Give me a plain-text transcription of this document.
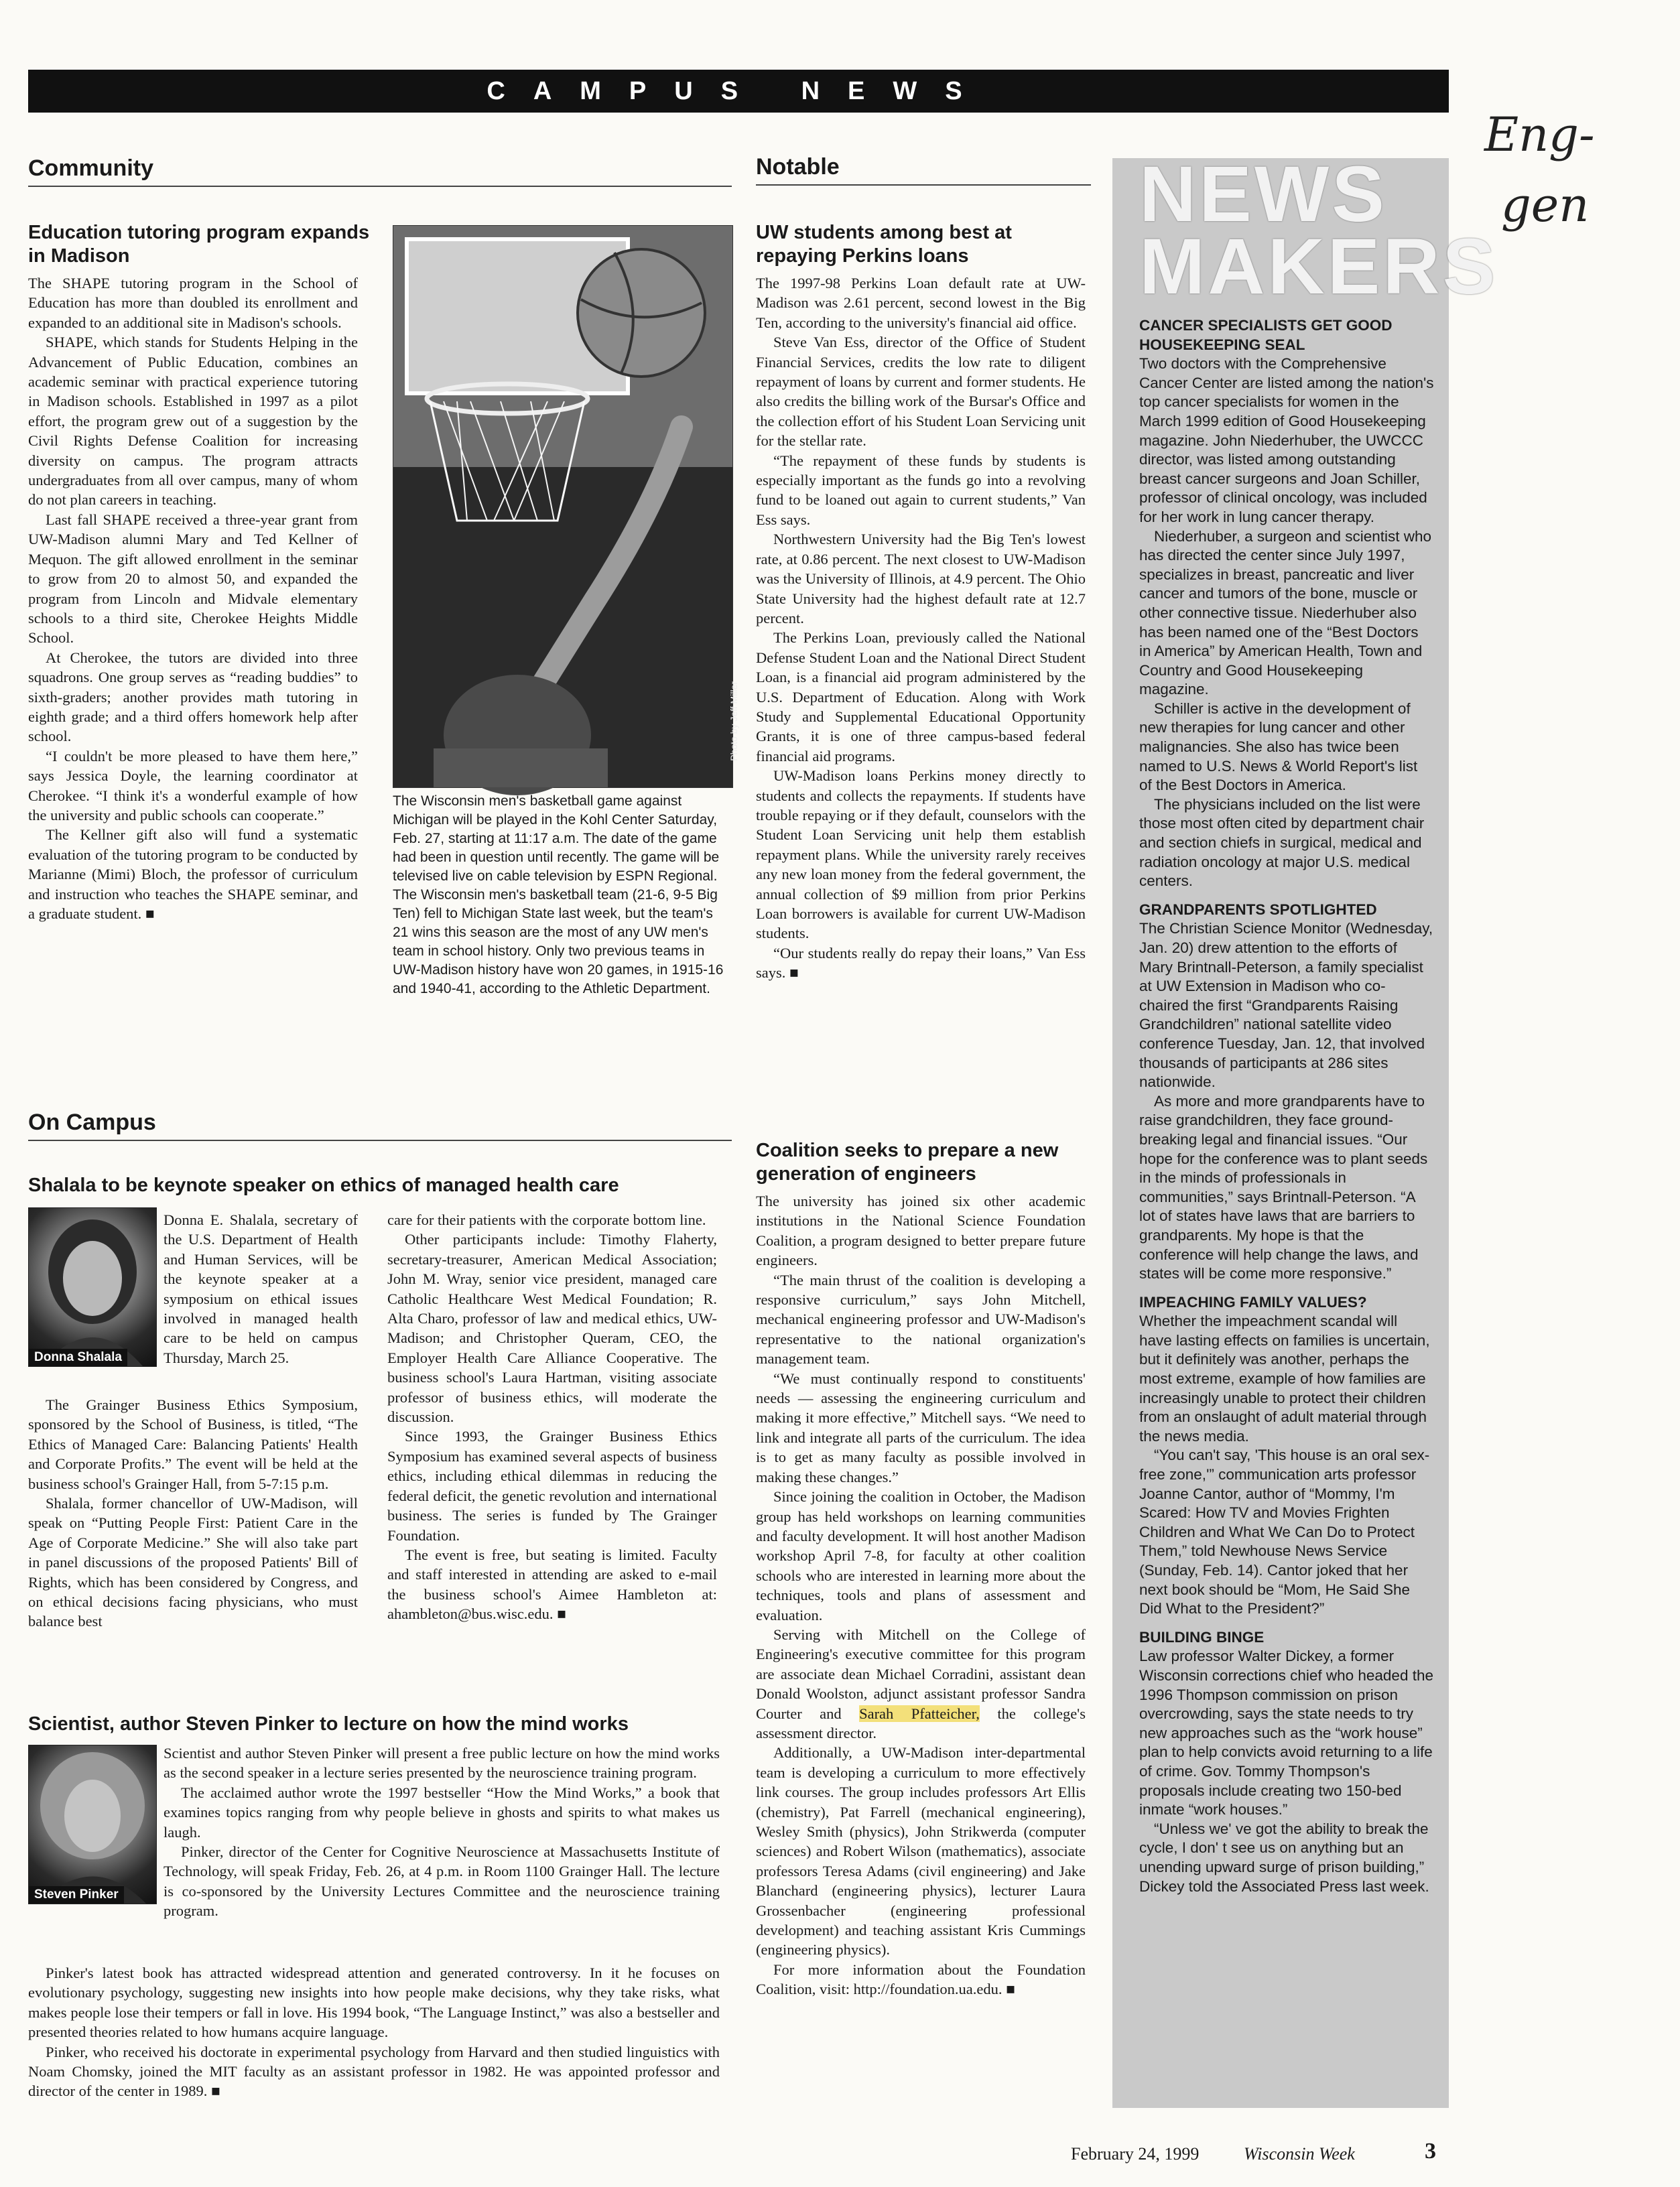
CAMPUS NEWS
Eng-
gen
Community
Education tutoring program expands in Madison

The SHAPE tutoring program in the School of Education has more than doubled its enrollment and expanded to an additional site in Madison's schools.

SHAPE, which stands for Students Helping in the Advancement of Public Education, combines an academic seminar with practical experience tutoring in Madison schools. Established in 1997 as a pilot effort, the program grew out of a suggestion by the Civil Rights Defense Coalition for increasing diversity on campus. The program attracts undergraduates from all over campus, many of whom do not plan careers in teaching.

Last fall SHAPE received a three-year grant from UW-Madison alumni Mary and Ted Kellner of Mequon. The gift allowed enrollment in the seminar to grow from 20 to almost 50, and expanded the program from Lincoln and Midvale elementary schools to a third site, Cherokee Heights Middle School.

At Cherokee, the tutors are divided into three squadrons. One group serves as “reading buddies” to sixth-graders; another provides math tutoring in eighth grade; and a third offers homework help after school.

“I couldn't be more pleased to have them here,” says Jessica Doyle, the learning coordinator at Cherokee. “I think it's a wonderful example of how the university and public schools can cooperate.”

The Kellner gift also will fund a systematic evaluation of the tutoring program to be conducted by Marianne (Mimi) Bloch, the professor of curriculum and instruction who teaches the SHAPE seminar, and a graduate student. ■

Photo by Jeff Miller
The Wisconsin men's basketball game against Michigan will be played in the Kohl Center Saturday, Feb. 27, starting at 11:17 a.m. The date of the game had been in question until recently. The game will be televised live on cable television by ESPN Regional. The Wisconsin men's basketball team (21-6, 9-5 Big Ten) fell to Michigan State last week, but the team's 21 wins this season are the most of any UW men's team in school history. Only two previous teams in UW-Madison history have won 20 games, in 1915-16 and 1940-41, according to the Athletic Department.
Notable
UW students among best at repaying Perkins loans

The 1997-98 Perkins Loan default rate at UW-Madison was 2.61 percent, second lowest in the Big Ten, according to the university's financial aid office.

Steve Van Ess, director of the Office of Student Financial Services, credits the low rate to diligent repayment of loans by current and former students. He also credits the billing work of the Bursar's Office and the collection effort of his Student Loan Servicing unit for the stellar rate.

“The repayment of these funds by students is especially important as the funds go into a revolving fund to be loaned out again to current students,” Van Ess says.

Northwestern University had the Big Ten's lowest rate, at 0.86 percent. The next closest to UW-Madison was the University of Illinois, at 4.9 percent. The Ohio State University had the highest default rate at 12.7 percent.

The Perkins Loan, previously called the National Defense Student Loan and the National Direct Student Loan, is a financial aid program administered by the U.S. Department of Education. Along with Work Study and Supplemental Educational Opportunity Grants, it is one of three campus-based federal financial aid programs.

UW-Madison loans Perkins money directly to students and collects the repayments. If students have trouble repaying or if they default, counselors with the Student Loan Servicing unit help them establish repayment plans. While the university rarely receives any new loan money from the federal government, the annual collection of $9 million from prior Perkins Loan borrowers is available for current UW-Madison students.

“Our students really do repay their loans,” Van Ess says. ■

Coalition seeks to prepare a new generation of engineers

The university has joined six other academic institutions in the National Science Foundation Coalition, a program designed to better prepare future engineers.

“The main thrust of the coalition is developing a responsive curriculum,” says John Mitchell, mechanical engineering professor and UW-Madison's representative to the national organization's management team.

“We must continually respond to constituents' needs — assessing the engineering curriculum and making it more effective,” Mitchell says. “We need to link and integrate all parts of the curriculum. The idea is to get as many faculty as possible involved in making these changes.”

Since joining the coalition in October, the Madison group has held workshops on learning communities and faculty development. It will host another Madison workshop April 7-8, for faculty at other coalition schools who are interested in learning more about the techniques, tools and plans of assessment and evaluation.

Serving with Mitchell on the College of Engineering's executive committee for this program are associate dean Michael Corradini, assistant dean Donald Woolston, adjunct assistant professor Sandra Courter and Sarah Pfatteicher, the college's assessment director.

Additionally, a UW-Madison inter-departmental team is developing a curriculum to more effectively link courses. The group includes professors Art Ellis (chemistry), Pat Farrell (mechanical engineering), Wesley Smith (physics), John Strikwerda (computer sciences) and Robert Wilson (mathematics), associate professors Teresa Adams (civil engineering) and Jake Blanchard (engineering physics), lecturer Laura Grossenbacher (engineering professional development) and teaching assistant Kris Cummings (engineering physics).

For more information about the Foundation Coalition, visit: http://foundation.ua.edu. ■

On Campus
Shalala to be keynote speaker on ethics of managed health care
Donna Shalala

Donna E. Shalala, secretary of the U.S. Department of Health and Human Services, will be the keynote speaker at a symposium on ethical issues involved in managed health care to be held on campus Thursday, March 25.

The Grainger Business Ethics Symposium, sponsored by the School of Business, is titled, “The Ethics of Managed Care: Balancing Patients' Health and Corporate Profits.” The event will be held at the business school's Grainger Hall, from 5-7:15 p.m.

Shalala, former chancellor of UW-Madison, will speak on “Putting People First: Patient Care in the Age of Corporate Medicine.” She will also take part in panel discussions of the proposed Patients' Bill of Rights, which has been considered by Congress, and on ethical decisions facing physicians, who must balance best

care for their patients with the corporate bottom line.

Other participants include: Timothy Flaherty, secretary-treasurer, American Medical Association; John M. Wray, senior vice president, managed care Catholic Healthcare West Medical Foundation; R. Alta Charo, professor of law and medical ethics, UW-Madison; and Christopher Queram, CEO, the Employer Health Care Alliance Cooperative. The business school's Laura Hartman, visiting associate professor of business ethics, will moderate the discussion.

Since 1993, the Grainger Business Ethics Symposium has examined several aspects of business ethics, including ethical dilemmas in reducing the federal deficit, the genetic revolution and international business. The series is funded by The Grainger Foundation.

The event is free, but seating is limited. Faculty and staff interested in attending are asked to e-mail the business school's Aimee Hambleton at: ahambleton@bus.wisc.edu. ■

Scientist, author Steven Pinker to lecture on how the mind works
Steven Pinker

Scientist and author Steven Pinker will present a free public lecture on how the mind works as the second speaker in a lecture series presented by the neuroscience training program.

The acclaimed author wrote the 1997 bestseller “How the Mind Works,” a book that examines topics ranging from why people believe in ghosts and spirits to what makes us laugh.

Pinker, director of the Center for Cognitive Neuroscience at Massachusetts Institute of Technology, will speak Friday, Feb. 26, at 4 p.m. in Room 1100 Grainger Hall. The lecture is co-sponsored by the University Lectures Committee and the neuroscience training program.

Pinker's latest book has attracted widespread attention and generated controversy. In it he focuses on evolutionary psychology, suggesting new insights into how people make decisions, why they take risks, what makes people lose their tempers or fall in love. His 1994 book, “The Language Instinct,” was also a bestseller and presented theories related to how humans acquire language.

Pinker, who received his doctorate in experimental psychology from Harvard and then studied linguistics with Noam Chomsky, joined the MIT faculty as an assistant professor in 1982. He was appointed professor and director of the center in 1989. ■

NEWS
MAKERS
CANCER SPECIALISTS GET GOOD HOUSEKEEPING SEAL

Two doctors with the Comprehensive Cancer Center are listed among the nation's top cancer specialists for women in the March 1999 edition of Good Housekeeping magazine. John Niederhuber, the UWCCC director, was listed among outstanding breast cancer surgeons and Joan Schiller, professor of clinical oncology, was included for her work in lung cancer therapy.

Niederhuber, a surgeon and scientist who has directed the center since July 1997, specializes in breast, pancreatic and liver cancer and tumors of the bone, muscle or other connective tissue. Niederhuber also has been named one of the “Best Doctors in America” by American Health, Town and Country and Good Housekeeping magazine.

Schiller is active in the development of new therapies for lung cancer and other malignancies. She also has twice been named to U.S. News & World Report's list of the Best Doctors in America.

The physicians included on the list were those most often cited by department chair and section chiefs in surgical, medical and radiation oncology at major U.S. medical centers.

GRANDPARENTS SPOTLIGHTED

The Christian Science Monitor (Wednesday, Jan. 20) drew attention to the efforts of Mary Brintnall-Peterson, a family specialist at UW Extension in Madison who co-chaired the first “Grandparents Raising Grandchildren” national satellite video conference Tuesday, Jan. 12, that involved thousands of participants at 286 sites nationwide.

As more and more grandparents have to raise grandchildren, they face ground-breaking legal and financial issues. “Our hope for the conference was to plant seeds in the minds of professionals in communities,” says Brintnall-Peterson. “A lot of states have laws that are barriers to grandparents. My hope is that the conference will help change the laws, and states will be come more responsive.”

IMPEACHING FAMILY VALUES?

Whether the impeachment scandal will have lasting effects on families is uncertain, but it definitely was another, perhaps the most extreme, example of how families are increasingly unable to protect their children from an onslaught of adult material through the news media.

“You can't say, 'This house is an oral sex-free zone,'” communication arts professor Joanne Cantor, author of “Mommy, I'm Scared: How TV and Movies Frighten Children and What We Can Do to Protect Them,” told Newhouse News Service (Sunday, Feb. 14). Cantor joked that her next book should be “Mom, He Said She Did What to the President?”

BUILDING BINGE

Law professor Walter Dickey, a former Wisconsin corrections chief who headed the 1996 Thompson commission on prison overcrowding, says the state needs to try new approaches such as the “work house” plan to help convicts avoid returning to a life of crime. Gov. Tommy Thompson's proposals include creating two 150-bed inmate “work houses.”

“Unless we' ve got the ability to break the cycle, I don' t see us on anything but an unending upward surge of prison building,” Dickey told the Associated Press last week.

February 24, 1999	Wisconsin Week	3
